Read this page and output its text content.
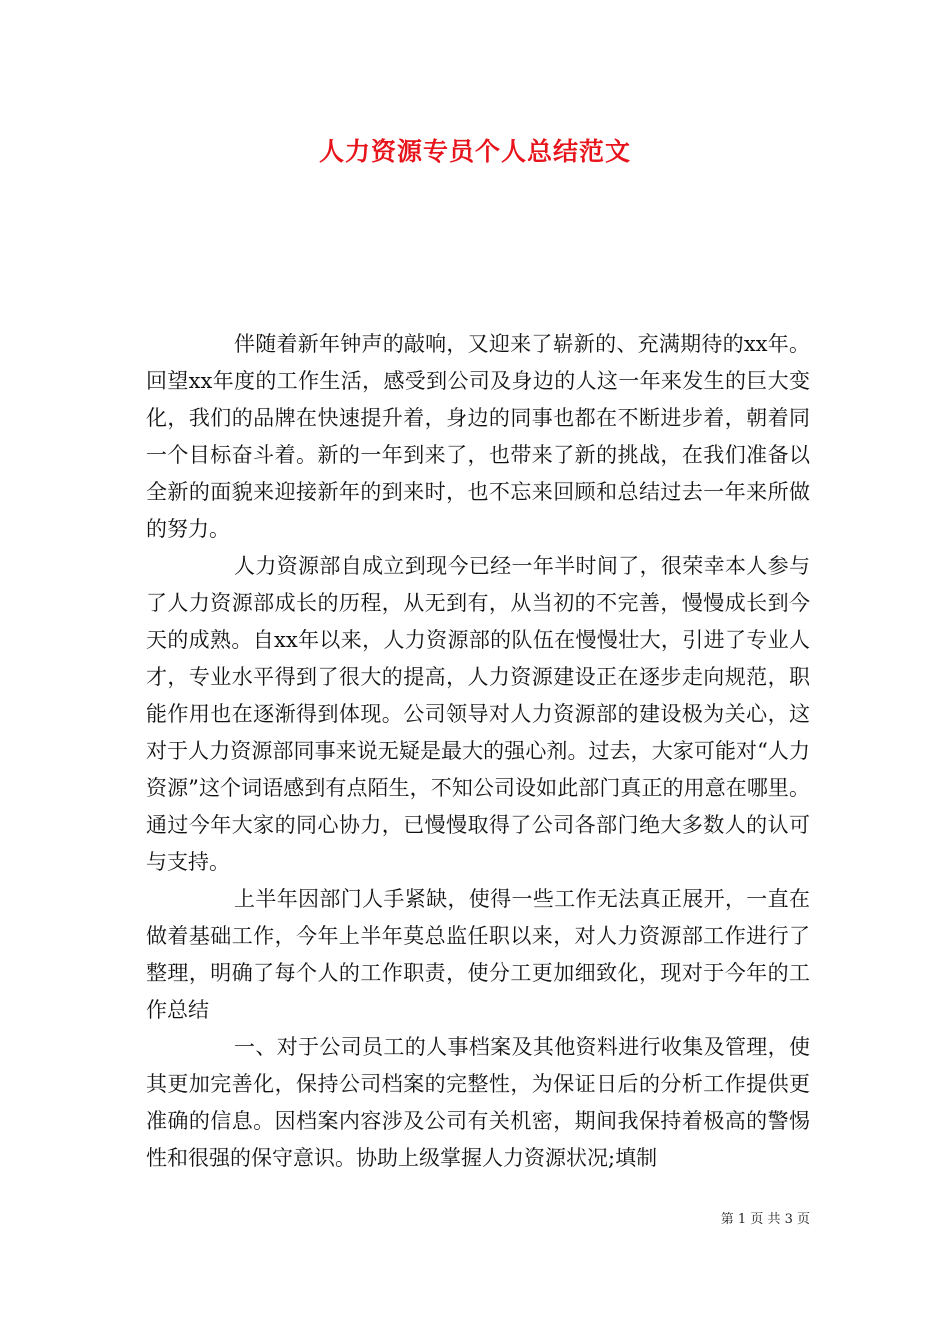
人力资源专员个人总结范文

伴随着新年钟声的敲响，又迎来了崭新的、充满期待的xx年。回望xx年度的工作生活，感受到公司及身边的人这一年来发生的巨大变化，我们的品牌在快速提升着，身边的同事也都在不断进步着，朝着同一个目标奋斗着。新的一年到来了，也带来了新的挑战，在我们准备以全新的面貌来迎接新年的到来时，也不忘来回顾和总结过去一年来所做的努力。

人力资源部自成立到现今已经一年半时间了，很荣幸本人参与了人力资源部成长的历程，从无到有，从当初的不完善，慢慢成长到今天的成熟。自xx年以来，人力资源部的队伍在慢慢壮大，引进了专业人才，专业水平得到了很大的提高，人力资源建设正在逐步走向规范，职能作用也在逐渐得到体现。公司领导对人力资源部的建设极为关心，这对于人力资源部同事来说无疑是最大的强心剂。过去，大家可能对“人力资源”这个词语感到有点陌生，不知公司设如此部门真正的用意在哪里。通过今年大家的同心协力，已慢慢取得了公司各部门绝大多数人的认可与支持。

上半年因部门人手紧缺，使得一些工作无法真正展开，一直在做着基础工作，今年上半年莫总监任职以来，对人力资源部工作进行了整理，明确了每个人的工作职责，使分工更加细致化，现对于今年的工作总结

一、对于公司员工的人事档案及其他资料进行收集及管理，使其更加完善化，保持公司档案的完整性，为保证日后的分析工作提供更准确的信息。因档案内容涉及公司有关机密，期间我保持着极高的警惕性和很强的保守意识。协助上级掌握人力资源状况;填制

第 1 页 共 3 页
